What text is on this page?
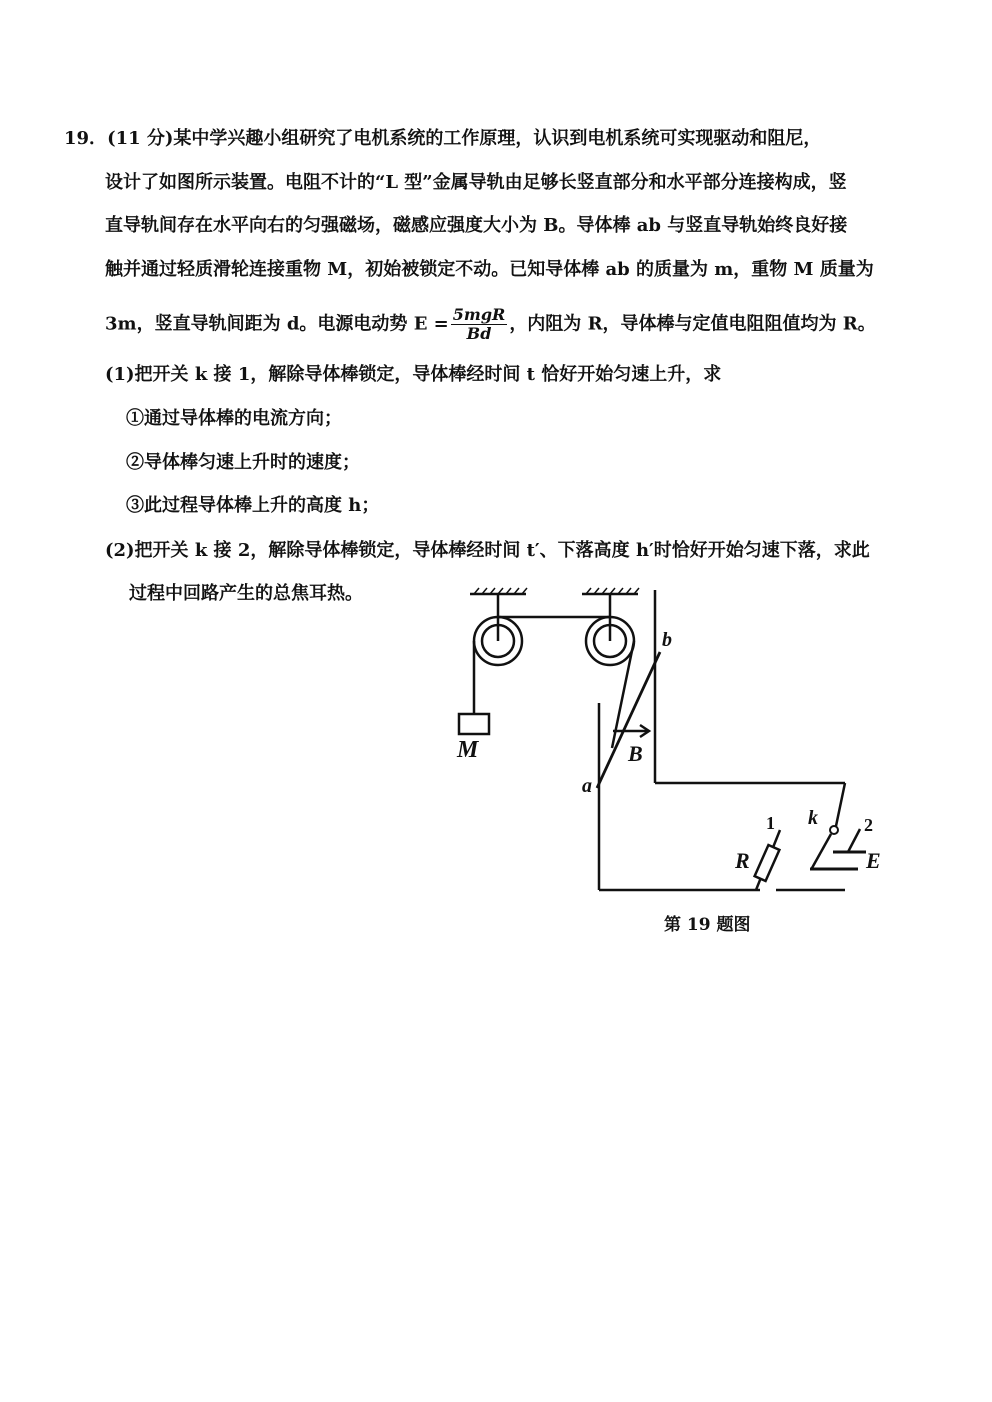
19．(11 分)某中学兴趣小组研究了电机系统的工作原理，认识到电机系统可实现驱动和阻尼，
设计了如图所示装置。电阻不计的“L 型”金属导轨由足够长竖直部分和水平部分连接构成，竖
直导轨间存在水平向右的匀强磁场，磁感应强度大小为 B。导体棒 ab 与竖直导轨始终良好接
触并通过轻质滑轮连接重物 M，初始被锁定不动。已知导体棒 ab 的质量为 m，重物 M 质量为
3m，竖直导轨间距为 d。电源电动势 $E = \frac{\text{5mgR}}{Bd}$ ，内阻为 R，导体棒与定值电阻阻值均为 R。
(1)把开关 k 接 1，解除导体棒锁定，导体棒经时间 t 恰好开始匀速上升，求
①通过导体棒的电流方向；
②导体棒匀速上升时的速度；
③此过程导体棒上升的高度 h；
(2)把开关 k 接 2，解除导体棒锁定，导体棒经时间 t′、下落高度 h′时恰好开始匀速下落，求此
过程中回路产生的总焦耳热。
M
a
b
B
k
1	2
R	E
第 19 题图
